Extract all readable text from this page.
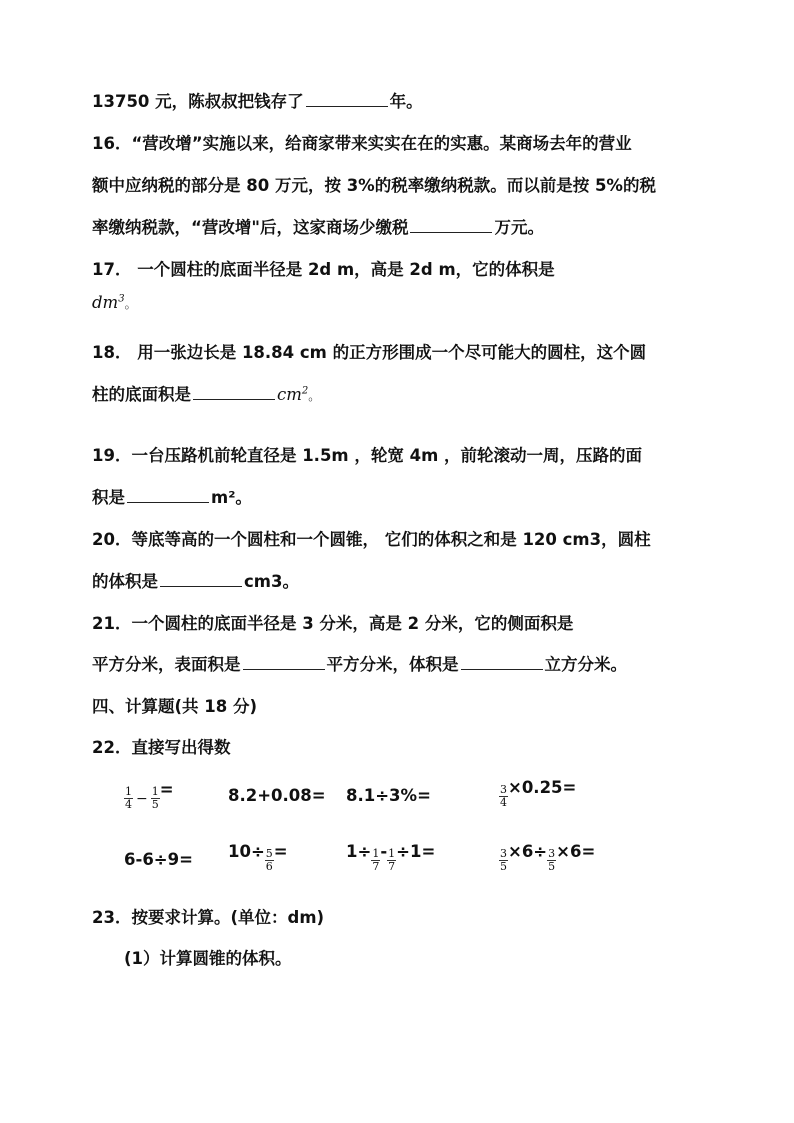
13750 元，陈叔叔把钱存了	年。
16．“营改增”实施以来，给商家带来实实在在的实惠。某商场去年的营业
额中应纳税的部分是 80 万元，按 3%的税率缴纳税款。而以前是按 5%的税
率缴纳税款，“营改增"后，这家商场少缴税	万元。
17． 一个圆柱的底面半径是 2d m，高是 2d m，它的体积是
$dm^3$。
18． 用一张边长是 18.84 cm 的正方形围成一个尽可能大的圆柱，这个圆
柱的底面积是	$cm^2$。
19．一台压路机前轮直径是 1.5m ，轮宽 4m ，前轮滚动一周，压路的面
积是	m²。
20．等底等高的一个圆柱和一个圆锥， 它们的体积之和是 120 cm3，圆柱
的体积是	cm3。
21．一个圆柱的底面半径是 3 分米，高是 2 分米，它的侧面积是
平方分米，表面积是	平方分米，体积是	立方分米。
四、计算题(共 18 分)
22．直接写出得数
$\frac{1}{4} - \frac{1}{5}$ =	8.2+0.08= 8.1÷3%=	$\frac{3}{4} \times 0.25=$
$6-6\div 9= 10\div \frac{5}{6}$ =	$1\div \frac{1}{7} - \frac{1}{7} \div 1=$	$\frac{3}{5} \times 6\div \frac{3}{5} \times 6=$
23．按要求计算。(单位：dm)
(1）计算圆锥的体积。
